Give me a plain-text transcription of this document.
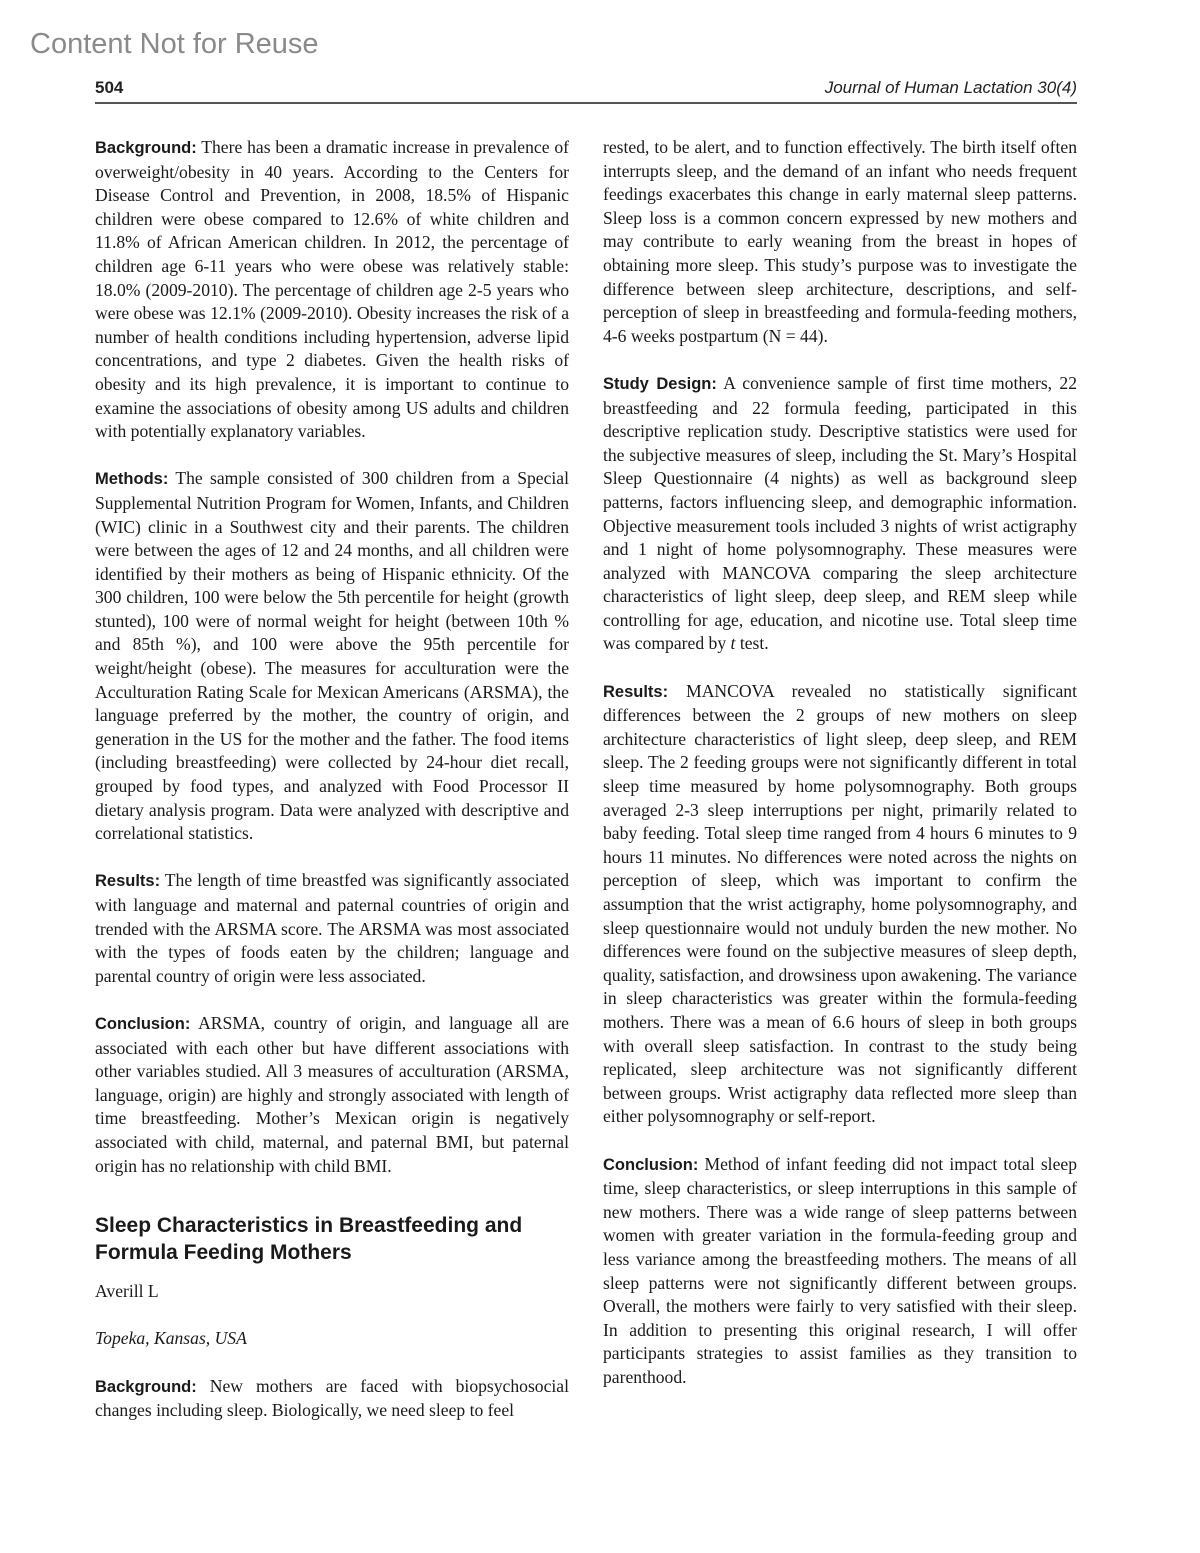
Content Not for Reuse
504	Journal of Human Lactation 30(4)

Background: There has been a dramatic increase in prevalence of overweight/obesity in 40 years. According to the Centers for Disease Control and Prevention, in 2008, 18.5% of Hispanic children were obese compared to 12.6% of white children and 11.8% of African American children. In 2012, the percentage of children age 6-11 years who were obese was relatively stable: 18.0% (2009-2010). The percentage of children age 2-5 years who were obese was 12.1% (2009-2010). Obesity increases the risk of a number of health conditions including hypertension, adverse lipid concentrations, and type 2 diabetes. Given the health risks of obesity and its high prevalence, it is important to continue to examine the associations of obesity among US adults and children with potentially explanatory variables.

Methods: The sample consisted of 300 children from a Special Supplemental Nutrition Program for Women, Infants, and Children (WIC) clinic in a Southwest city and their parents. The children were between the ages of 12 and 24 months, and all children were identified by their mothers as being of Hispanic ethnicity. Of the 300 children, 100 were below the 5th percentile for height (growth stunted), 100 were of normal weight for height (between 10th % and 85th %), and 100 were above the 95th percentile for weight/height (obese). The measures for acculturation were the Acculturation Rating Scale for Mexican Americans (ARSMA), the language preferred by the mother, the country of origin, and generation in the US for the mother and the father. The food items (including breastfeeding) were collected by 24-hour diet recall, grouped by food types, and analyzed with Food Processor II dietary analysis program. Data were analyzed with descriptive and correlational statistics.

Results: The length of time breastfed was significantly associated with language and maternal and paternal countries of origin and trended with the ARSMA score. The ARSMA was most associated with the types of foods eaten by the children; language and parental country of origin were less associated.

Conclusion: ARSMA, country of origin, and language all are associated with each other but have different associations with other variables studied. All 3 measures of acculturation (ARSMA, language, origin) are highly and strongly associated with length of time breastfeeding. Mother’s Mexican origin is negatively associated with child, maternal, and paternal BMI, but paternal origin has no relationship with child BMI.

Sleep Characteristics in Breastfeeding and Formula Feeding Mothers

Averill L

Topeka, Kansas, USA

Background: New mothers are faced with biopsychosocial changes including sleep. Biologically, we need sleep to feel

rested, to be alert, and to function effectively. The birth itself often interrupts sleep, and the demand of an infant who needs frequent feedings exacerbates this change in early maternal sleep patterns. Sleep loss is a common concern expressed by new mothers and may contribute to early weaning from the breast in hopes of obtaining more sleep. This study’s purpose was to investigate the difference between sleep architecture, descriptions, and self-perception of sleep in breastfeeding and formula-feeding mothers, 4-6 weeks postpartum (N = 44).

Study Design: A convenience sample of first time mothers, 22 breastfeeding and 22 formula feeding, participated in this descriptive replication study. Descriptive statistics were used for the subjective measures of sleep, including the St. Mary’s Hospital Sleep Questionnaire (4 nights) as well as background sleep patterns, factors influencing sleep, and demographic information. Objective measurement tools included 3 nights of wrist actigraphy and 1 night of home polysomnography. These measures were analyzed with MANCOVA comparing the sleep architecture characteristics of light sleep, deep sleep, and REM sleep while controlling for age, education, and nicotine use. Total sleep time was compared by t test.

Results: MANCOVA revealed no statistically significant differences between the 2 groups of new mothers on sleep architecture characteristics of light sleep, deep sleep, and REM sleep. The 2 feeding groups were not significantly different in total sleep time measured by home polysomnography. Both groups averaged 2-3 sleep interruptions per night, primarily related to baby feeding. Total sleep time ranged from 4 hours 6 minutes to 9 hours 11 minutes. No differences were noted across the nights on perception of sleep, which was important to confirm the assumption that the wrist actigraphy, home polysomnography, and sleep questionnaire would not unduly burden the new mother. No differences were found on the subjective measures of sleep depth, quality, satisfaction, and drowsiness upon awakening. The variance in sleep characteristics was greater within the formula-feeding mothers. There was a mean of 6.6 hours of sleep in both groups with overall sleep satisfaction. In contrast to the study being replicated, sleep architecture was not significantly different between groups. Wrist actigraphy data reflected more sleep than either polysomnography or self-report.

Conclusion: Method of infant feeding did not impact total sleep time, sleep characteristics, or sleep interruptions in this sample of new mothers. There was a wide range of sleep patterns between women with greater variation in the formula-feeding group and less variance among the breastfeeding mothers. The means of all sleep patterns were not significantly different between groups. Overall, the mothers were fairly to very satisfied with their sleep. In addition to presenting this original research, I will offer participants strategies to assist families as they transition to parenthood.
